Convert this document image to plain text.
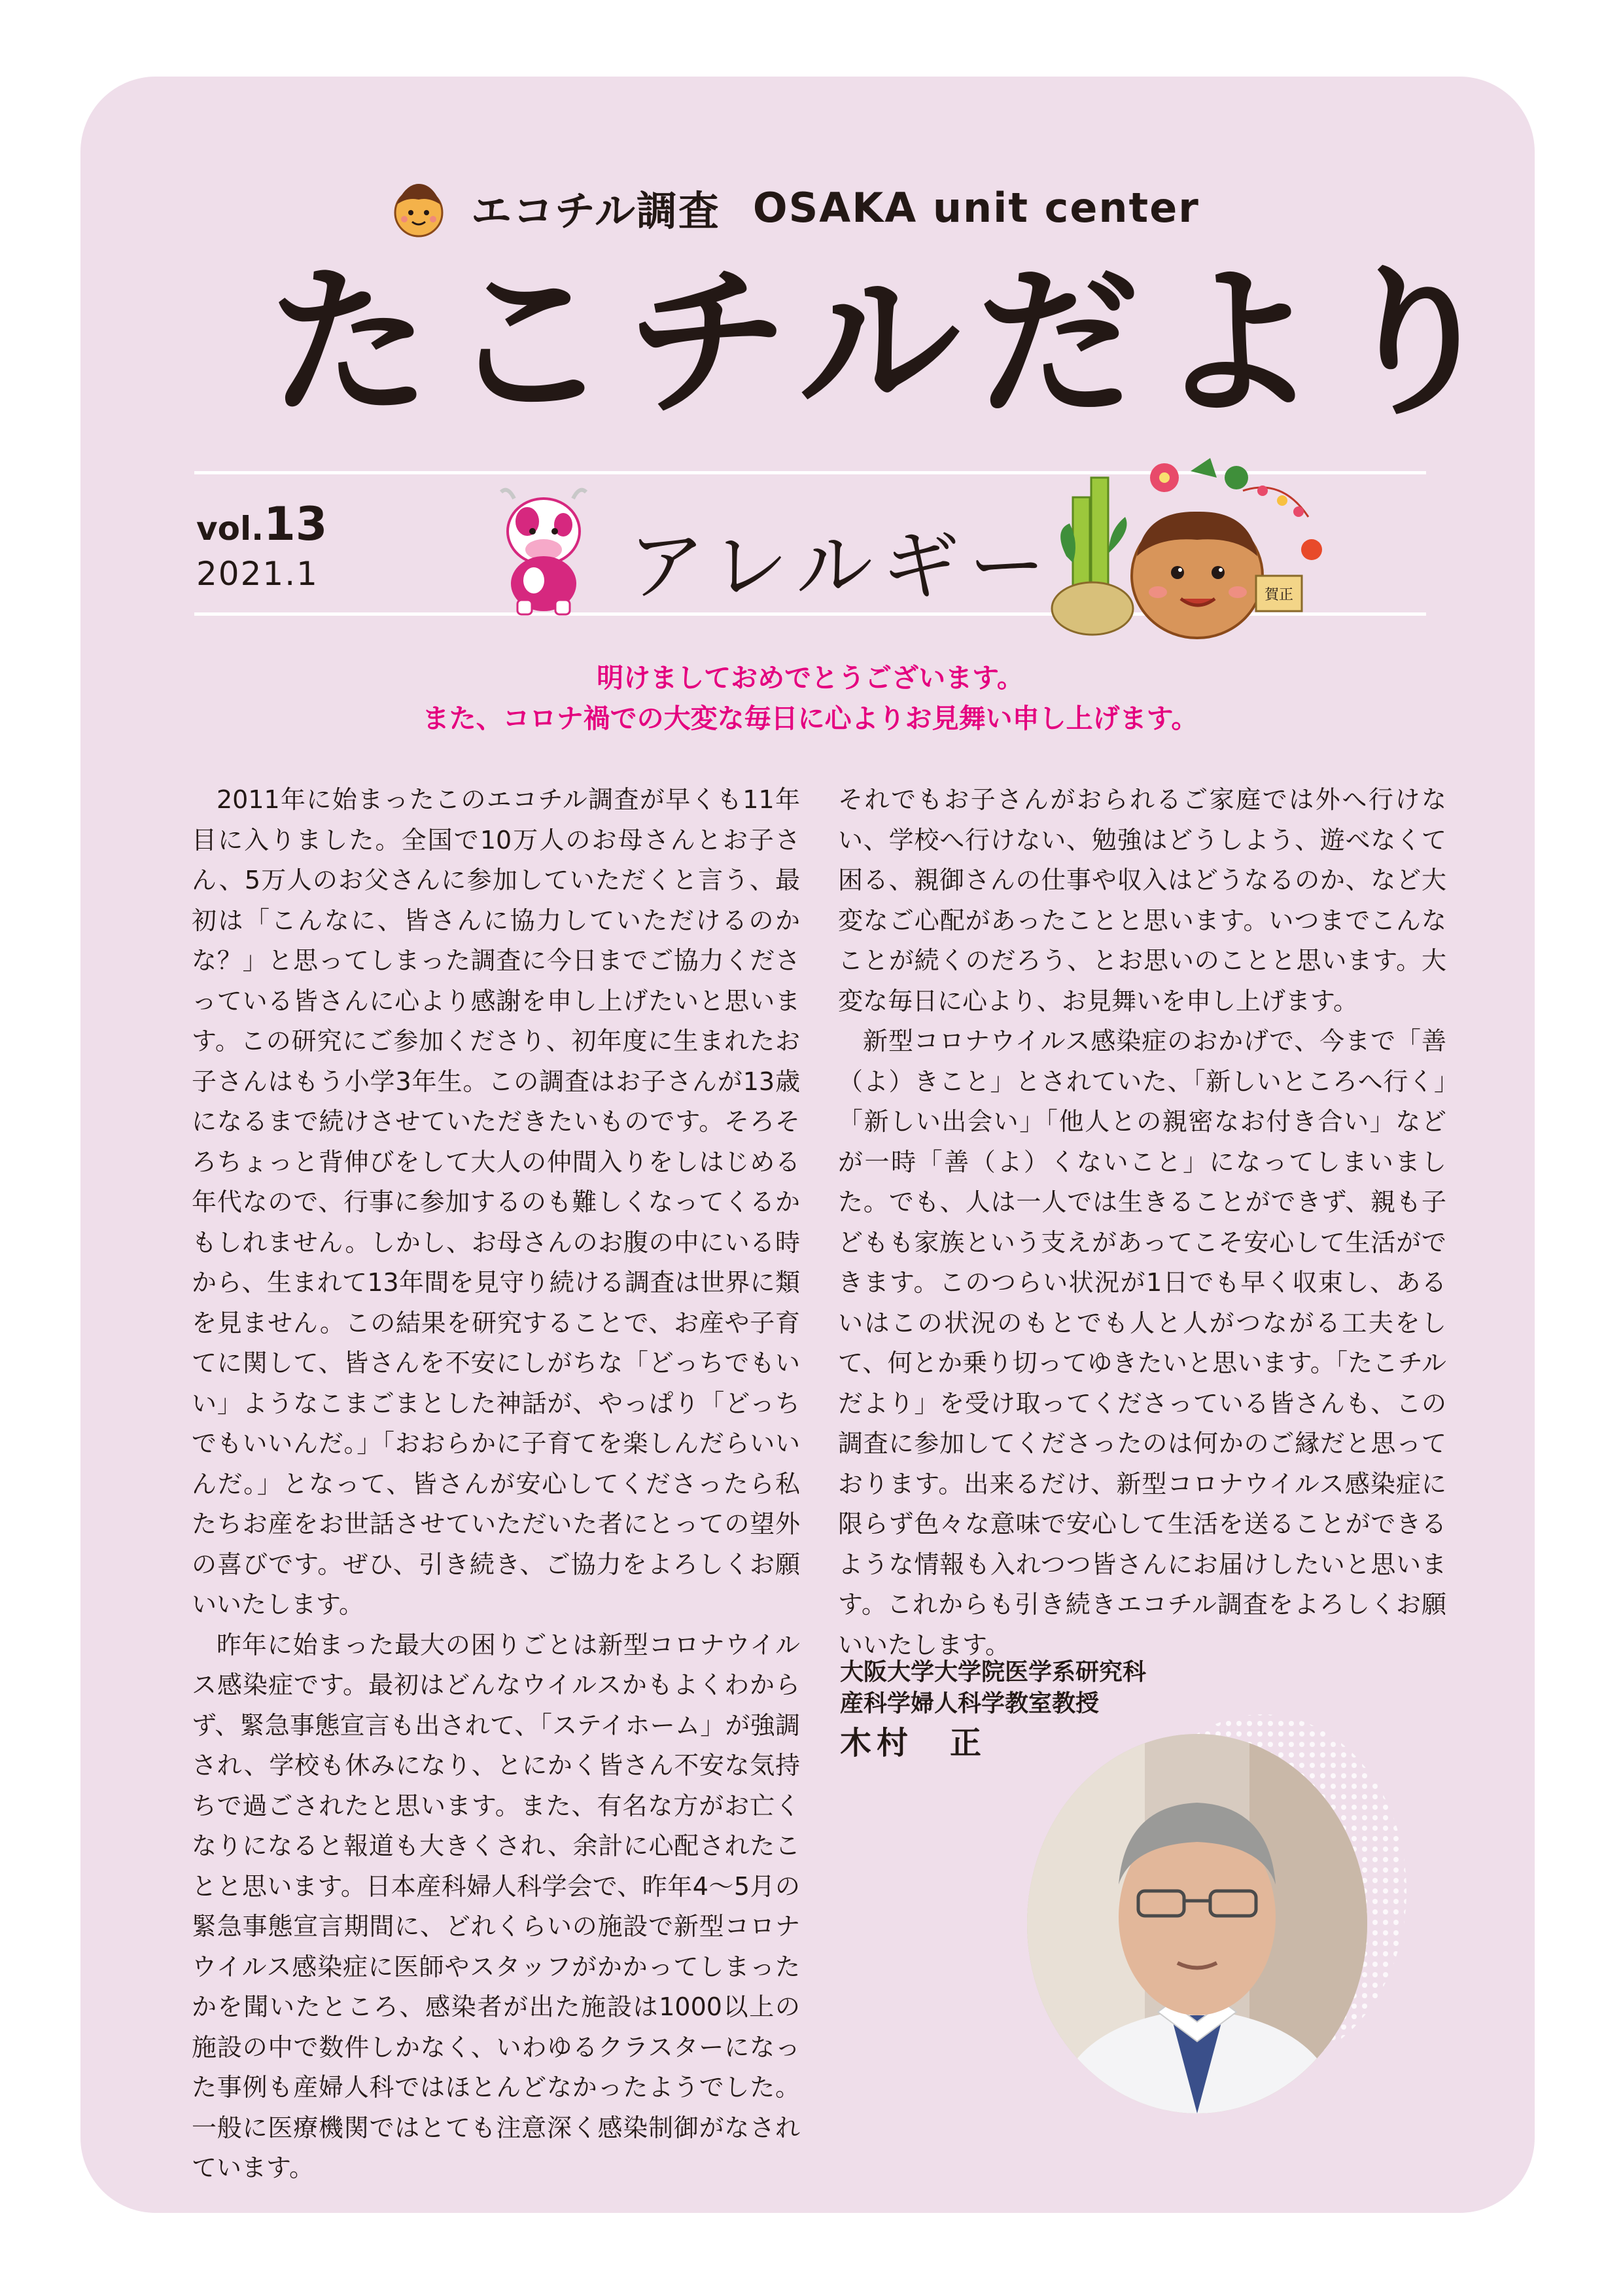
エコチル調査 OSAKA unit center
たこチルだより
vol.13
2021.1	アレルギー	賀正
明けましておめでとうございます。
また、コロナ禍での大変な毎日に心よりお見舞い申し上げます。

2011年に始まったこのエコチル調査が早くも11年目に入りました。全国で10万人のお母さんとお子さん、5万人のお父さんに参加していただくと言う、最初は「こんなに、皆さんに協力していただけるのかな？」と思ってしまった調査に今日までご協力くださっている皆さんに心より感謝を申し上げたいと思います。この研究にご参加くださり、初年度に生まれたお子さんはもう小学3年生。この調査はお子さんが13歳になるまで続けさせていただきたいものです。そろそろちょっと背伸びをして大人の仲間入りをしはじめる年代なので、行事に参加するのも難しくなってくるかもしれません。しかし、お母さんのお腹の中にいる時から、生まれて13年間を見守り続ける調査は世界に類を見ません。この結果を研究することで、お産や子育てに関して、皆さんを不安にしがちな「どっちでもいい」ようなこまごまとした神話が、やっぱり「どっちでもいいんだ。」「おおらかに子育てを楽しんだらいいんだ。」となって、皆さんが安心してくださったら私たちお産をお世話させていただいた者にとっての望外の喜びです。ぜひ、引き続き、ご協力をよろしくお願いいたします。

昨年に始まった最大の困りごとは新型コロナウイルス感染症です。最初はどんなウイルスかもよくわからず、緊急事態宣言も出されて、「ステイホーム」が強調され、学校も休みになり、とにかく皆さん不安な気持ちで過ごされたと思います。また、有名な方がお亡くなりになると報道も大きくされ、余計に心配されたことと思います。日本産科婦人科学会で、昨年4～5月の緊急事態宣言期間に、どれくらいの施設で新型コロナウイルス感染症に医師やスタッフがかかってしまったかを聞いたところ、感染者が出た施設は1000以上の施設の中で数件しかなく、いわゆるクラスターになった事例も産婦人科ではほとんどなかったようでした。一般に医療機関ではとても注意深く感染制御がなされています。

それでもお子さんがおられるご家庭では外へ行けない、学校へ行けない、勉強はどうしよう、遊べなくて困る、親御さんの仕事や収入はどうなるのか、など大変なご心配があったことと思います。いつまでこんなことが続くのだろう、とお思いのことと思います。大変な毎日に心より、お見舞いを申し上げます。

新型コロナウイルス感染症のおかげで、今まで「善（よ）きこと」とされていた、「新しいところへ行く」「新しい出会い」「他人との親密なお付き合い」などが一時「善（よ）くないこと」になってしまいました。でも、人は一人では生きることができず、親も子どもも家族という支えがあってこそ安心して生活ができます。このつらい状況が1日でも早く収束し、あるいはこの状況のもとでも人と人がつながる工夫をして、何とか乗り切ってゆきたいと思います。「たこチルだより」を受け取ってくださっている皆さんも、この調査に参加してくださったのは何かのご縁だと思っております。出来るだけ、新型コロナウイルス感染症に限らず色々な意味で安心して生活を送ることができるような情報も入れつつ皆さんにお届けしたいと思います。これからも引き続きエコチル調査をよろしくお願いいたします。

大阪大学大学院医学系研究科
産科学婦人科学教室教授
木村　正
